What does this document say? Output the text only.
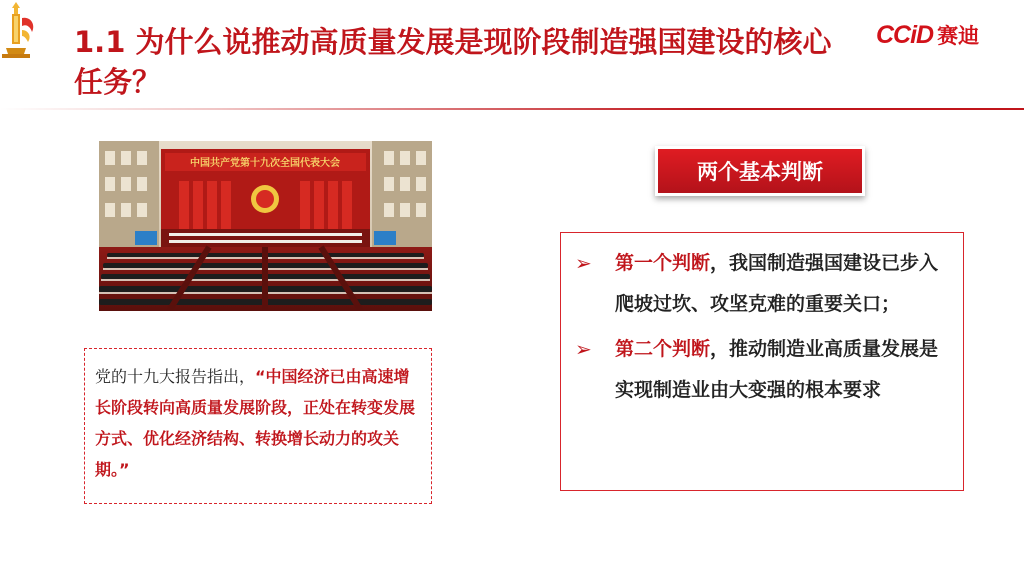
1.1 为什么说推动高质量发展是现阶段制造强国建设的核心任务？
CCiD 赛迪
中国共产党第十九次全国代表大会

党的十九大报告指出，“中国经济已由高速增长阶段转向高质量发展阶段，正处在转变发展方式、优化经济结构、转换增长动力的攻关期。”

两个基本判断
➢ 第一个判断，我国制造强国建设已步入爬坡过坎、攻坚克难的重要关口；

➢ 第二个判断，推动制造业高质量发展是实现制造业由大变强的根本要求
